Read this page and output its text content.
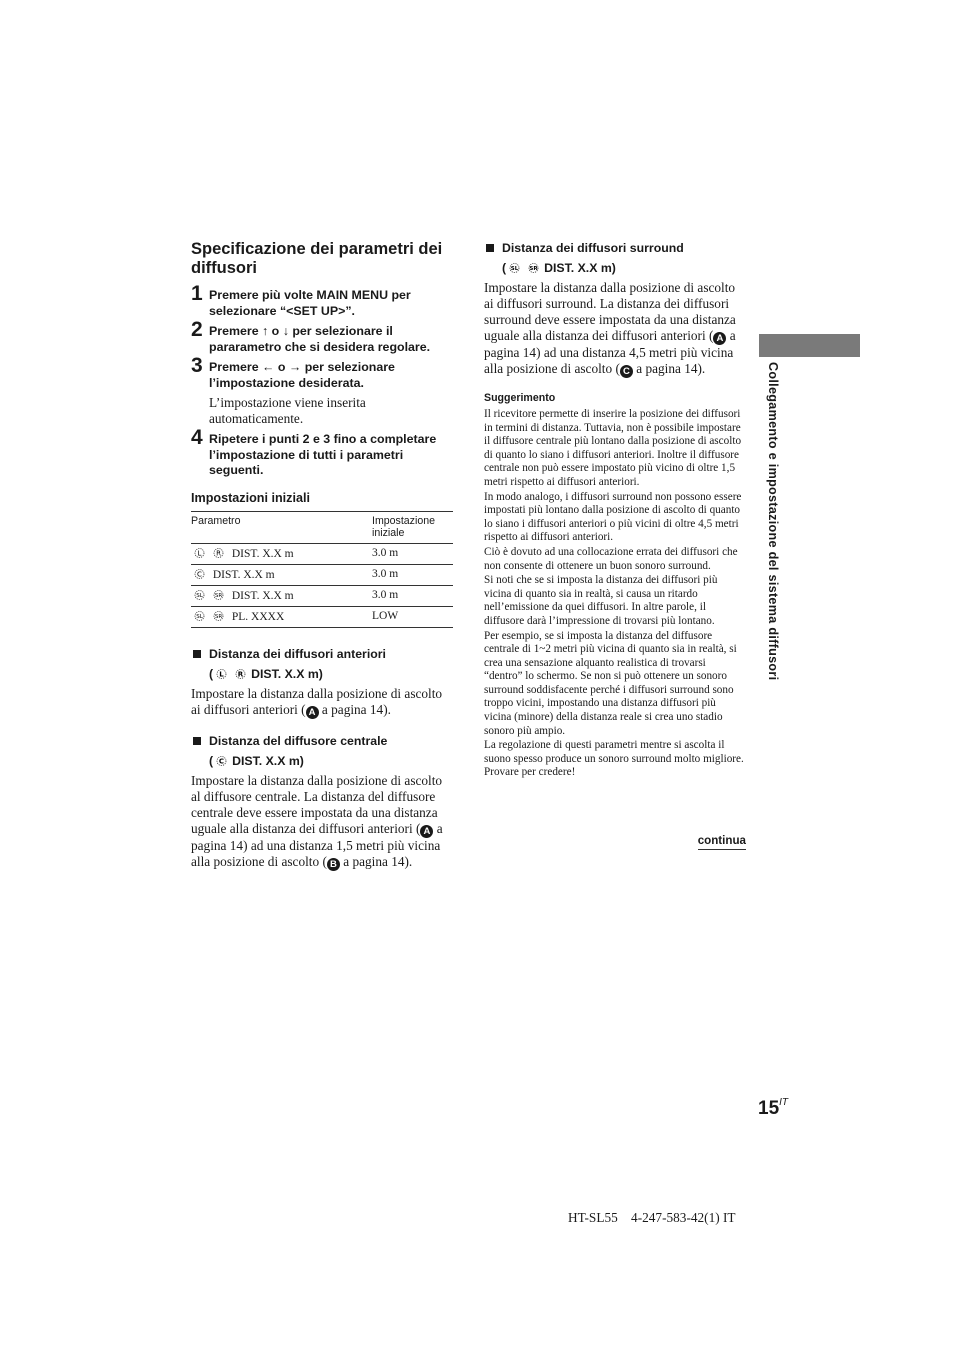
Specificazione dei parametri dei diffusori
1 Premere più volte MAIN MENU per selezionare “<SET UP>”.
2 Premere ↑ o ↓ per selezionare il pararametro che si desidera regolare.
3 Premere ← o → per selezionare l’impostazione desiderata.
L’impostazione viene inserita automaticamente.
4 Ripetere i punti 2 e 3 fino a completare l’impostazione di tutti i parametri seguenti.
Impostazioni iniziali
Parametro	Impostazione iniziale

L R DIST. X.X m	3.0 m

C DIST. X.X m	3.0 m

SL SR DIST. X.X m	3.0 m

SL SR PL. XXXX	LOW
Distanza dei diffusori anteriori
( L R DIST. X.X m)

Impostare la distanza dalla posizione di ascolto ai diffusori anteriori ( A a pagina 14).

Distanza del diffusore centrale
( C DIST. X.X m)

Impostare la distanza dalla posizione di ascolto al diffusore centrale. La distanza del diffusore centrale deve essere impostata da una distanza uguale alla distanza dei diffusori anteriori ( A a pagina 14) ad una distanza 1,5 metri più vicina alla posizione di ascolto ( B a pagina 14).

Distanza dei diffusori surround
( SL SR DIST. X.X m)

Impostare la distanza dalla posizione di ascolto ai diffusori surround. La distanza dei diffusori surround deve essere impostata da una distanza uguale alla distanza dei diffusori anteriori ( A a pagina 14) ad una distanza 4,5 metri più vicina alla posizione di ascolto ( C a pagina 14).

Suggerimento

Il ricevitore permette di inserire la posizione dei diffusori in termini di distanza. Tuttavia, non è possibile impostare il diffusore centrale più lontano dalla posizione di ascolto di quanto lo siano i diffusori anteriori. Inoltre il diffusore centrale non può essere impostato più vicino di oltre 1,5 metri rispetto ai diffusori anteriori.

In modo analogo, i diffusori surround non possono essere impostati più lontano dalla posizione di ascolto di quanto lo siano i diffusori anteriori o più vicini di oltre 4,5 metri rispetto ai diffusori anteriori.

Ciò è dovuto ad una collocazione errata dei diffusori che non consente di ottenere un buon sonoro surround.

Si noti che se si imposta la distanza dei diffusori più vicina di quanto sia in realtà, si causa un ritardo nell’emissione da quei diffusori. In altre parole, il diffusore darà l’impressione di trovarsi più lontano.

Per esempio, se si imposta la distanza del diffusore centrale di 1~2 metri più vicina di quanto sia in realtà, si crea una sensazione alquanto realistica di trovarsi “dentro” lo schermo. Se non si può ottenere un sonoro surround soddisfacente perché i diffusori surround sono troppo vicini, impostando una distanza diffusori più vicina (minore) della distanza reale si crea uno stadio sonoro più ampio.

La regolazione di questi parametri mentre si ascolta il suono spesso produce un sonoro surround molto migliore. Provare per credere!

continua
Collegamento e impostazione del sistema diffusori
$15^{IT}$
HT-SL55    4-247-583-42(1) IT
